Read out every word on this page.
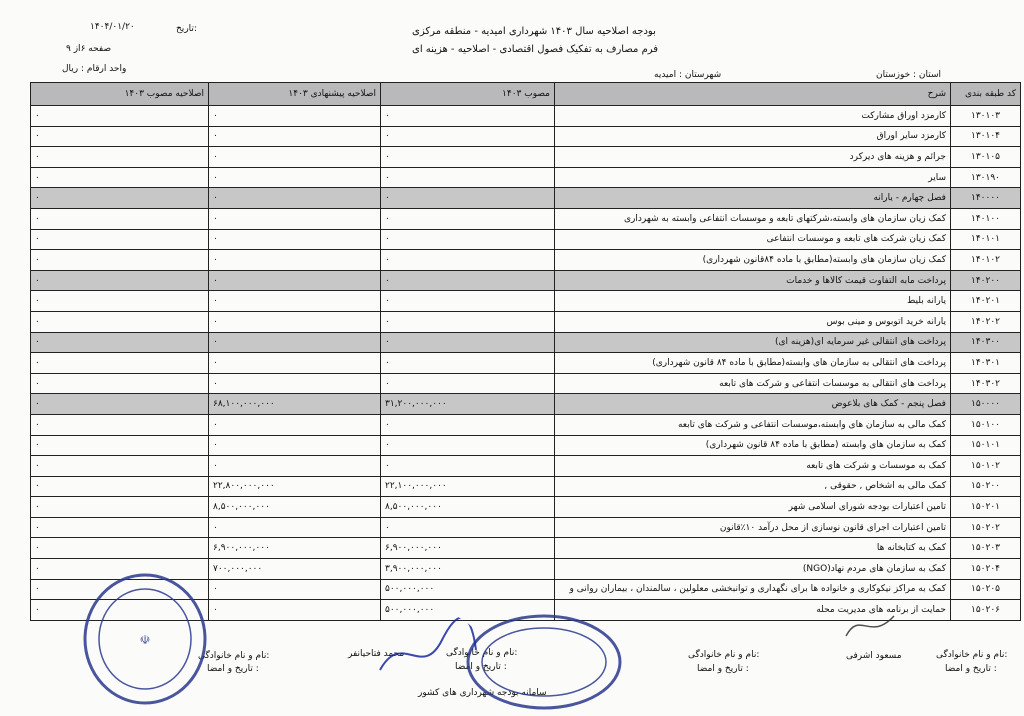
تاریخ:
۱۴۰۴/۰۱/۲۰
صفحه ۶از ۹
واحد ارقام : ریال
بودجه اصلاحیه سال ۱۴۰۳ شهرداری امیدیه - منطقه مرکزی
فرم مصارف به تفکیک فصول اقتصادی - اصلاحیه - هزینه ای
استان : خوزستان
شهرستان : امیدیه
کد طبقه بندی	شرح	مصوب ۱۴۰۳	اصلاحیه پیشنهادی ۱۴۰۳	اصلاحیه مصوب ۱۴۰۳
۱۳۰۱۰۳	کارمزد اوراق مشارکت	۰	۰	۰
۱۳۰۱۰۴	کارمزد سایر اوراق	۰	۰	۰
۱۳۰۱۰۵	جرائم و هزینه های دیرکرد	۰	۰	۰
۱۳۰۱۹۰	سایر	۰	۰	۰
۱۴۰۰۰۰	فصل چهارم - یارانه	۰	۰	۰
۱۴۰۱۰۰	کمک زیان سازمان های وابسته،شرکتهای تابعه و موسسات انتفاعی وابسته به شهرداری	۰	۰	۰
۱۴۰۱۰۱	کمک زیان شرکت های تابعه و موسسات انتفاعی	۰	۰	۰
۱۴۰۱۰۲	کمک زیان سازمان های وابسته(مطابق با ماده ۸۴قانون شهرداری)	۰	۰	۰
۱۴۰۲۰۰	پرداخت مابه التفاوت قیمت کالاها و خدمات	۰	۰	۰
۱۴۰۲۰۱	یارانه بلیط	۰	۰	۰
۱۴۰۲۰۲	یارانه خرید اتوبوس و مینی بوس	۰	۰	۰
۱۴۰۳۰۰	پرداخت های انتقالی غیر سرمایه ای(هزینه ای)	۰	۰	۰
۱۴۰۳۰۱	پرداخت های انتقالی به سازمان های وابسته(مطابق با ماده ۸۴ قانون شهرداری)	۰	۰	۰
۱۴۰۳۰۲	پرداخت های انتقالی به موسسات انتفاعی و شرکت های تابعه	۰	۰	۰
۱۵۰۰۰۰	فصل پنجم - کمک های بلاعوض	۳۱,۲۰۰,۰۰۰,۰۰۰	۶۸,۱۰۰,۰۰۰,۰۰۰	۰
۱۵۰۱۰۰	کمک مالی به سازمان های وابسته،موسسات انتفاعی و شرکت های تابعه	۰	۰	۰
۱۵۰۱۰۱	کمک به سازمان های وابسته (مطابق با ماده ۸۴ قانون شهرداری)	۰	۰	۰
۱۵۰۱۰۲	کمک به موسسات و شرکت های تابعه	۰	۰	۰
۱۵۰۲۰۰	کمک مالی به اشخاص , حقوقی ,	۲۲,۱۰۰,۰۰۰,۰۰۰	۲۲,۸۰۰,۰۰۰,۰۰۰	۰
۱۵۰۲۰۱	تامین اعتبارات بودجه شورای اسلامی شهر	۸,۵۰۰,۰۰۰,۰۰۰	۸,۵۰۰,۰۰۰,۰۰۰	۰
۱۵۰۲۰۲	تامین اعتبارات اجرای قانون نوسازی از محل درآمد ۱۰٪قانون	۰	۰	۰
۱۵۰۲۰۳	کمک به کتابخانه ها	۶,۹۰۰,۰۰۰,۰۰۰	۶,۹۰۰,۰۰۰,۰۰۰	۰
۱۵۰۲۰۴	کمک به سازمان های مردم نهاد(NGO)	۳,۹۰۰,۰۰۰,۰۰۰	۷۰۰,۰۰۰,۰۰۰	۰
۱۵۰۲۰۵	کمک به مراکز نیکوکاری و خانواده ها برای نگهداری و توانبخشی معلولین ، سالمندان ، بیماران روانی و	۵۰۰,۰۰۰,۰۰۰	۰	۰
۱۵۰۲۰۶	حمایت از برنامه های مدیریت محله	۵۰۰,۰۰۰,۰۰۰	۰	۰
نام و نام خانوادگی:
مسعود اشرفی
تاریخ و امضا :
نام و نام خانوادگی:
تاریخ و امضا :
نام و نام خانوادگی:
محمد فتاحیانفر
تاریخ و امضا :
نام و نام خانوادگی:
تاریخ و امضا :
سامانه بودجه شهرداری های کشور
☫
